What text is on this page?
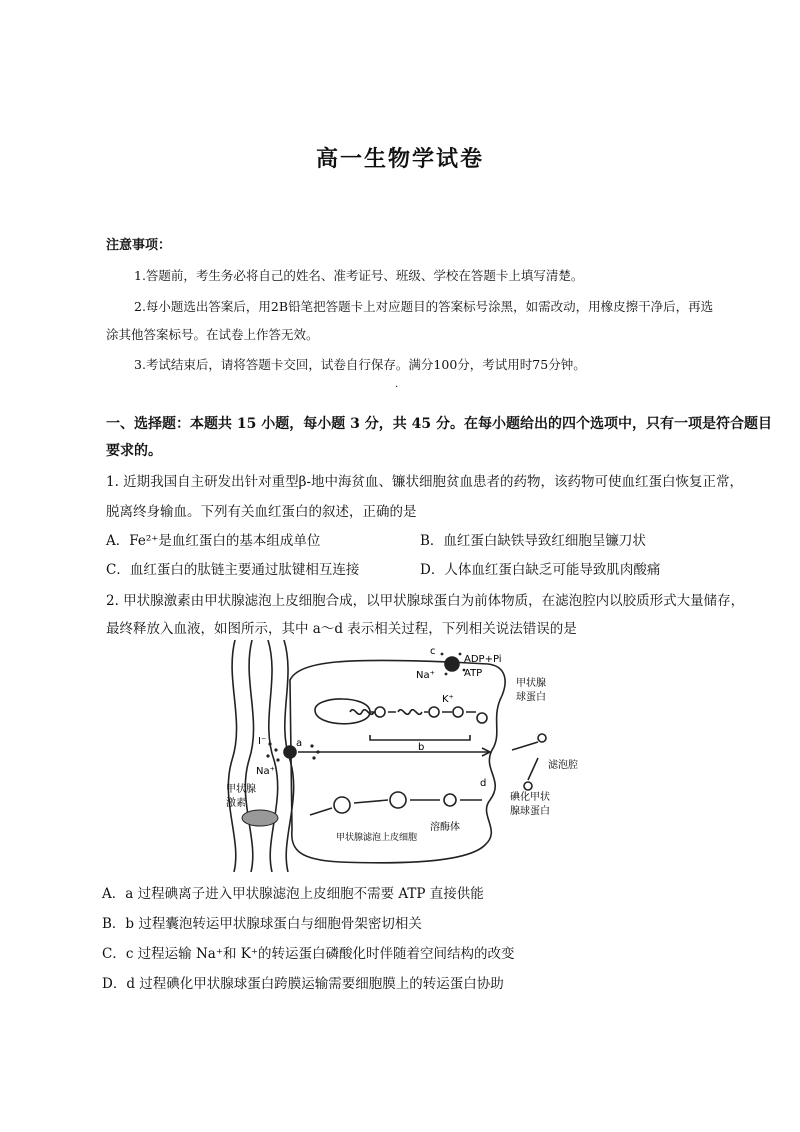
高一生物学试卷
注意事项：
1.答题前，考生务必将自己的姓名、准考证号、班级、学校在答题卡上填写清楚。
2.每小题选出答案后，用2B铅笔把答题卡上对应题目的答案标号涂黑，如需改动，用橡皮擦干净后，再选
涂其他答案标号。在试卷上作答无效。
3.考试结束后，请将答题卡交回，试卷自行保存。满分100分，考试用时75分钟。
·
一、选择题：本题共 15 小题，每小题 3 分，共 45 分。在每小题给出的四个选项中，只有一项是符合题目
要求的。
1. 近期我国自主研发出针对重型β-地中海贫血、镰状细胞贫血患者的药物，该药物可使血红蛋白恢复正常，
脱离终身输血。下列有关血红蛋白的叙述，正确的是
A．Fe²⁺是血红蛋白的基本组成单位	B．血红蛋白缺铁导致红细胞呈镰刀状
C．血红蛋白的肽链主要通过肽键相互连接	D．人体血红蛋白缺乏可能导致肌肉酸痛
2. 甲状腺激素由甲状腺滤泡上皮细胞合成，以甲状腺球蛋白为前体物质，在滤泡腔内以胶质形式大量储存，
最终释放入血液，如图所示，其中 a～d 表示相关过程，下列相关说法错误的是
c
ADP+Pi
ATP
Na⁺
K⁺
甲状腺
球蛋白
I⁻	a
Na⁺
b
滤泡腔
d
碘化甲状
腺球蛋白
甲状腺
激素
溶酶体
甲状腺滤泡上皮细胞
A．a 过程碘离子进入甲状腺滤泡上皮细胞不需要 ATP 直接供能
B．b 过程囊泡转运甲状腺球蛋白与细胞骨架密切相关
C．c 过程运输 Na⁺和 K⁺的转运蛋白磷酸化时伴随着空间结构的改变
D．d 过程碘化甲状腺球蛋白跨膜运输需要细胞膜上的转运蛋白协助
